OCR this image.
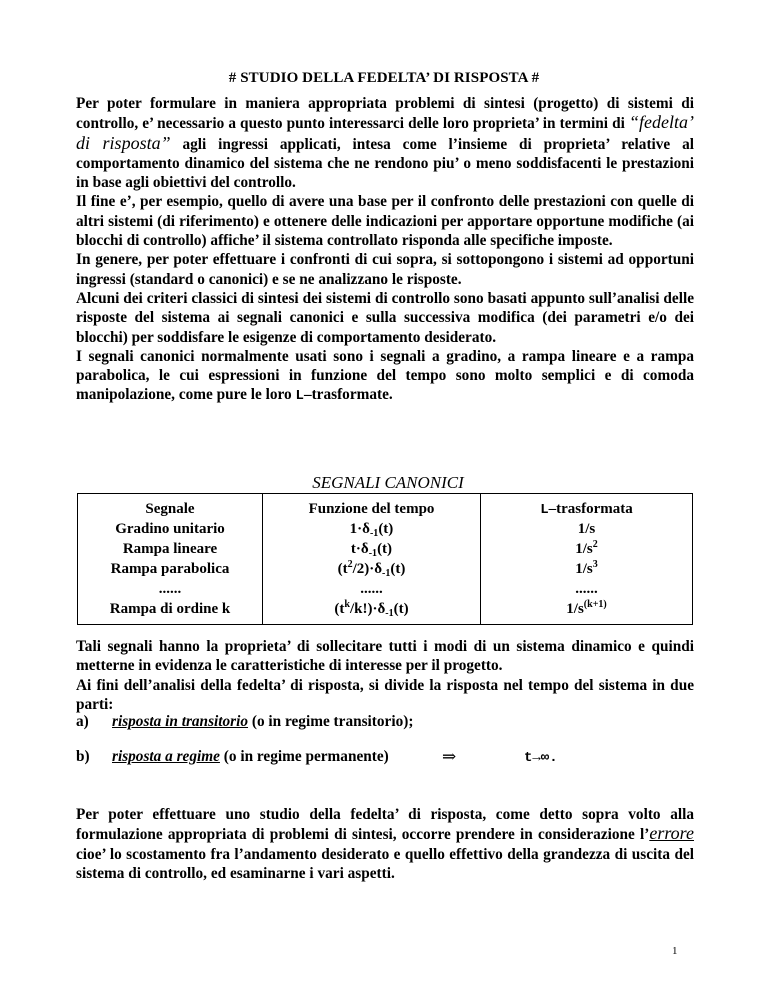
# STUDIO DELLA FEDELTA’ DI RISPOSTA #
Per poter formulare in maniera appropriata problemi di sintesi (progetto) di sistemi di controllo, e’ necessario a questo punto interessarci delle loro proprieta’ in termini di “fedelta’ di risposta” agli ingressi applicati, intesa come l’insieme di proprieta’ relative al comportamento dinamico del sistema che ne rendono piu’ o meno soddisfacenti le prestazioni in base agli obiettivi del controllo.
Il fine e’, per esempio, quello di avere una base per il confronto delle prestazioni con quelle di altri sistemi (di riferimento) e ottenere delle indicazioni per apportare opportune modifiche (ai blocchi di controllo) affiche’ il sistema controllato risponda alle specifiche imposte.
In genere, per poter effettuare i confronti di cui sopra, si sottopongono i sistemi ad opportuni ingressi (standard o canonici) e se ne analizzano le risposte.
Alcuni dei criteri classici di sintesi dei sistemi di controllo sono basati appunto sull’analisi delle risposte del sistema ai segnali canonici e sulla successiva modifica (dei parametri e/o dei blocchi) per soddisfare le esigenze di comportamento desiderato.
I segnali canonici normalmente usati sono i segnali a gradino, a rampa lineare e a rampa parabolica, le cui espressioni in funzione del tempo sono molto semplici e di comoda manipolazione, come pure le loro L–trasformate.
SEGNALI CANONICI
Segnale
Gradino unitario
Rampa lineare
Rampa parabolica
......
Rampa di ordine k
Funzione del tempo
$1\cdot\delta_{-1}(t)$
$t\cdot\delta_{-1}(t)$
$(t^2/2)\cdot\delta_{-1}(t)$
......
$(t^k/k!)\cdot\delta_{-1}(t)$
L–trasformata
1/s
$1/s^2$
$1/s^3$
......
$1/s^{(k+1)}$
Tali segnali hanno la proprieta’ di sollecitare tutti i modi di un sistema dinamico e quindi metterne in evidenza le caratteristiche di interesse per il progetto.
Ai fini dell’analisi della fedelta’ di risposta, si divide la risposta nel tempo del sistema in due parti:
a) risposta in transitorio (o in regime transitorio);
b) risposta a regime (o in regime permanente)	⇒	t→∞.
Per poter effettuare uno studio della fedelta’ di risposta, come detto sopra volto alla formulazione appropriata di problemi di sintesi, occorre prendere in considerazione l’errore cioe’ lo scostamento fra l’andamento desiderato e quello effettivo della grandezza di uscita del sistema di controllo, ed esaminarne i vari aspetti.
1
